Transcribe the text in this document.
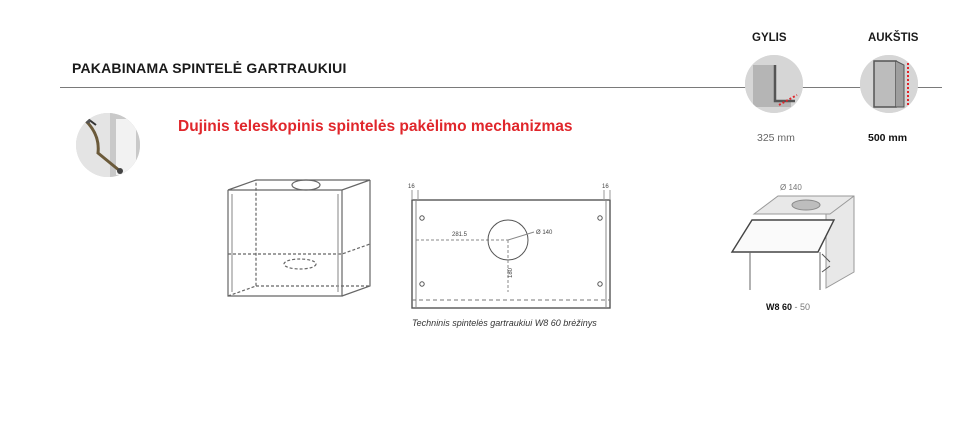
PAKABINAMA SPINTELĖ GARTRAUKIUI
Dujinis teleskopinis spintelės pakėlimo mechanizmas
GYLIS
325 mm
AUKŠTIS
500 mm
16	16
281.5	Ø 140
180
Techninis spintelės gartraukiui W8 60 brėžinys
Ø 140
W8 60 - 50
